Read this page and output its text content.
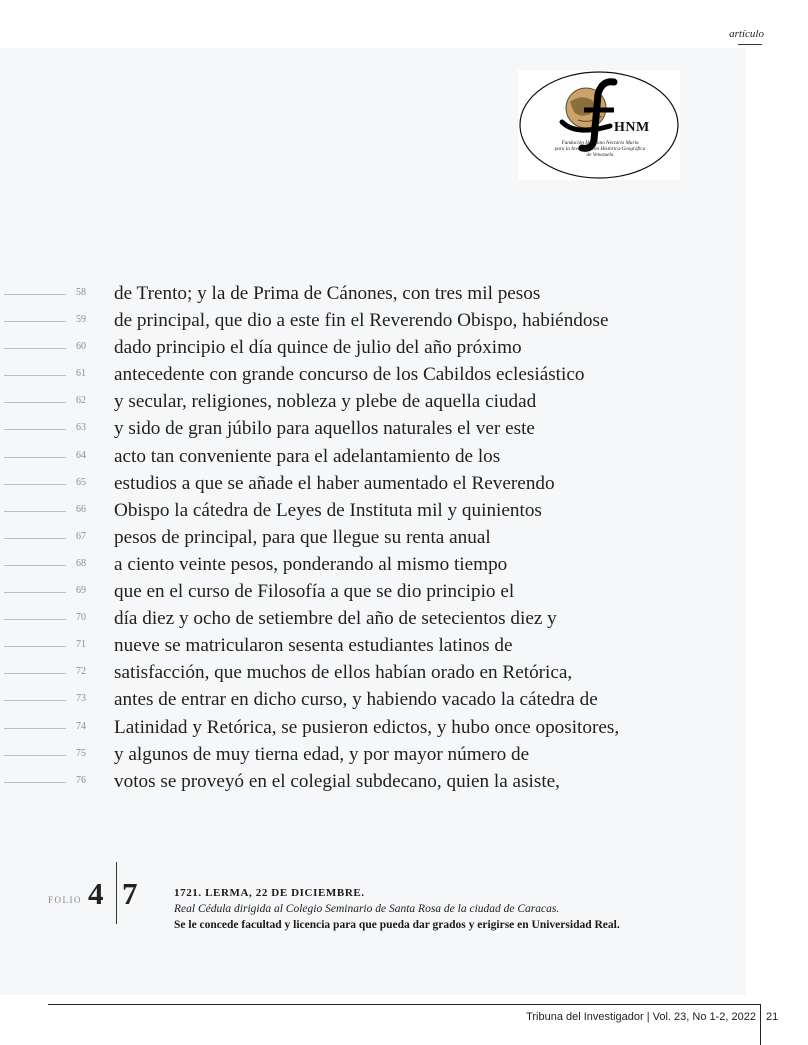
artículo
HNM
Fundación Hermano Nectario María
para la Investigación Histórica-Geográfica
de Venezuela
58	de Trento; y la de Prima de Cánones, con tres mil pesos
59	de principal, que dio a este fin el Reverendo Obispo, habiéndose
60	dado principio el día quince de julio del año próximo
61	antecedente con grande concurso de los Cabildos eclesiástico
62	y secular, religiones, nobleza y plebe de aquella ciudad
63	y sido de gran júbilo para aquellos naturales el ver este
64	acto tan conveniente para el adelantamiento de los
65	estudios a que se añade el haber aumentado el Reverendo
66	Obispo la cátedra de Leyes de Instituta mil y quinientos
67	pesos de principal, para que llegue su renta anual
68	a ciento veinte pesos, ponderando al mismo tiempo
69	que en el curso de Filosofía a que se dio principio el
70	día diez y ocho de setiembre del año de setecientos diez y
71	nueve se matricularon sesenta estudiantes latinos de
72	satisfacción, que muchos de ellos habían orado en Retórica,
73	antes de entrar en dicho curso, y habiendo vacado la cátedra de
74	Latinidad y Retórica, se pusieron edictos, y hubo once opositores,
75	y algunos de muy tierna edad, y por mayor número de
76	votos se proveyó en el colegial subdecano, quien la asiste,
FOLIO 4 7	1721. LERMA, 22 DE DICIEMBRE.
Real Cédula dirigida al Colegio Seminario de Santa Rosa de la ciudad de Caracas.
Se le concede facultad y licencia para que pueda dar grados y erigirse en Universidad Real.
Tribuna del Investigador | Vol. 23, No 1-2, 2022 21
